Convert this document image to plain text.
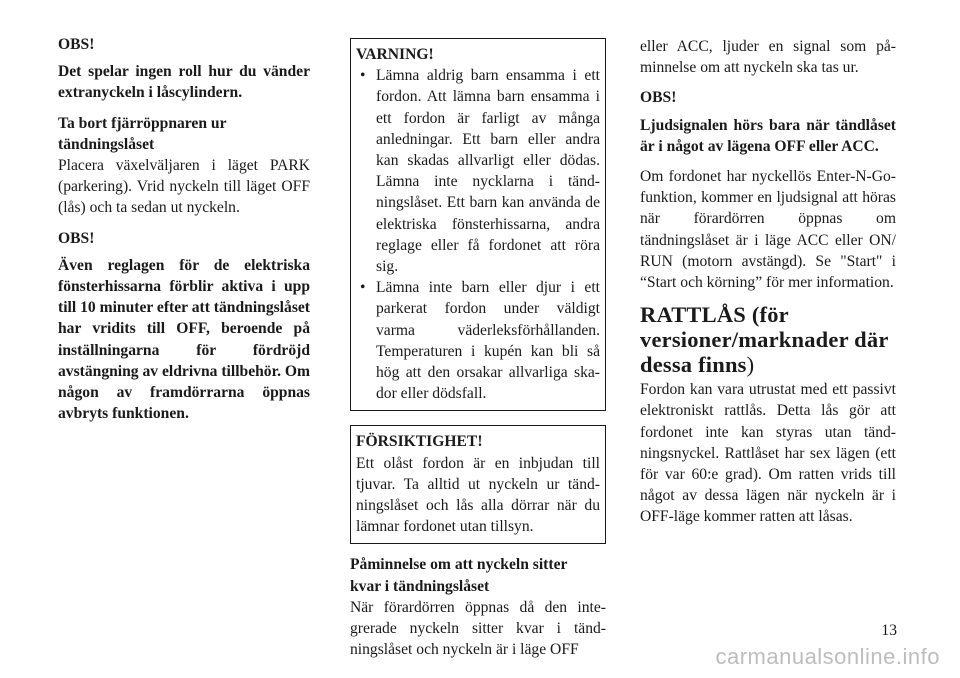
OBS!

Det spelar ingen roll hur du vänder extranyckeln i låscylindern.

Ta bort fjärröppnaren ur

tändningslåset

Placera växelväljaren i läget PARK (parkering). Vrid nyckeln till läget OFF (lås) och ta sedan ut nyckeln.

OBS!

Även reglagen för de elektriska fönsterhissarna förblir aktiva i upp till 10 minuter efter att tändningslåset har vridits till OFF, beroende på inställningarna för fördröjd avstängning av eldrivna tillbehör. Om någon av framdörrarna öppnas avbryts funktionen.

VARNING!
• Lämna aldrig barn ensamma i ett fordon. Att lämna barn ensamma i ett fordon är farligt av många anledningar. Ett barn eller andra kan skadas allvarligt eller dödas. Lämna inte nycklarna i tändningslåset. Ett barn kan använda de elektriska fönsterhissarna, andra reglage eller få fordonet att röra sig.
• Lämna inte barn eller djur i ett parkerat fordon under väldigt varma väderleksförhållanden. Temperaturen i kupén kan bli så hög att den orsakar allvarliga skador eller dödsfall.
FÖRSIKTIGHET!
Ett olåst fordon är en inbjudan till tjuvar. Ta alltid ut nyckeln ur tändningslåset och lås alla dörrar när du lämnar fordonet utan tillsyn.

Påminnelse om att nyckeln sitter

kvar i tändningslåset

När förardörren öppnas då den integrerade nyckeln sitter kvar i tändningslåset och nyckeln är i läge OFF

eller ACC, ljuder en signal som påminnelse om att nyckeln ska tas ur.

OBS!

Ljudsignalen hörs bara när tändlåset är i något av lägena OFF eller ACC.

Om fordonet har nyckellös Enter-N-Go-funktion, kommer en ljudsignal att höras när förardörren öppnas om tändningslåset är i läge ACC eller ON/ RUN (motorn avstängd). Se "Start" i “Start och körning” för mer information.

RATTLÅS (för versioner/marknader där dessa finns)

Fordon kan vara utrustat med ett passivt elektroniskt rattlås. Detta lås gör att fordonet inte kan styras utan tändningsnyckel. Rattlåset har sex lägen (ett för var 60:e grad). Om ratten vrids till något av dessa lägen när nyckeln är i OFF-läge kommer ratten att låsas.

13
carmanualsonline.info
